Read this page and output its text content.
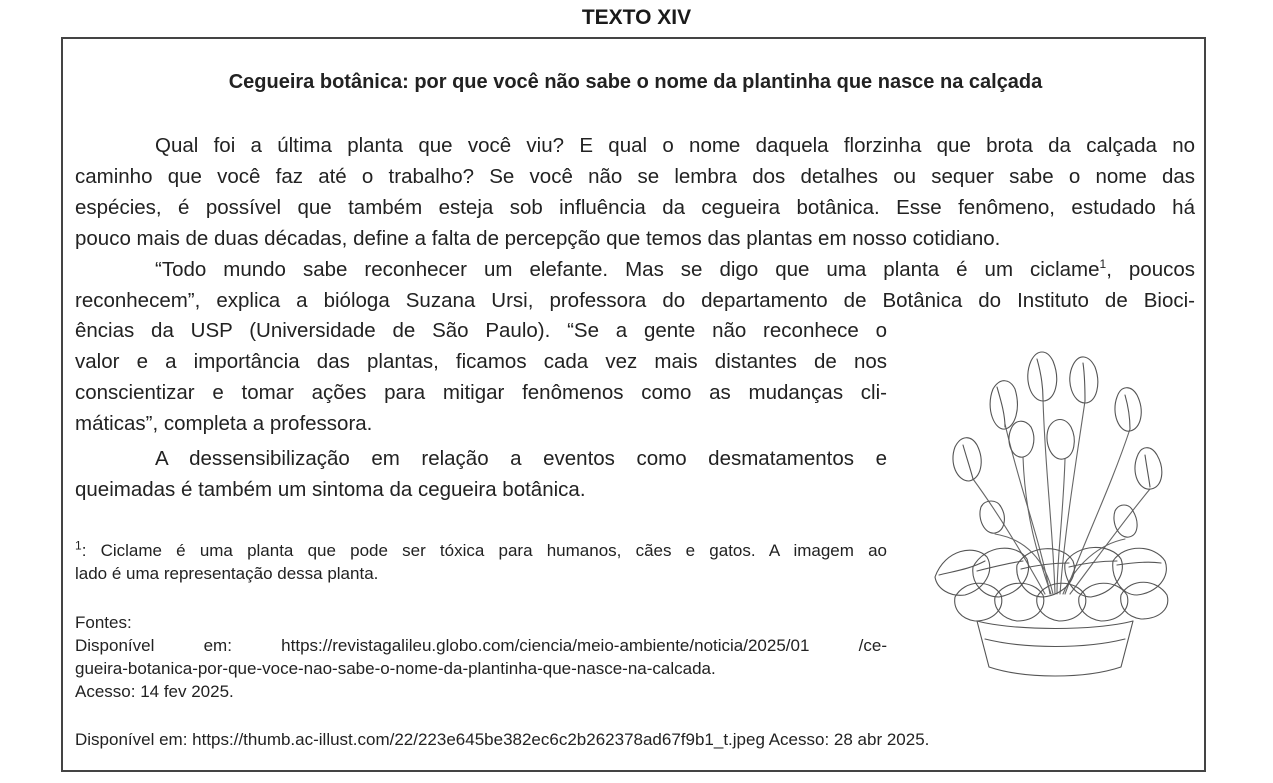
TEXTO XIV
Cegueira botânica: por que você não sabe o nome da plantinha que nasce na calçada

Qual foi a última planta que você viu? E qual o nome daquela florzinha que brota da calçada no
caminho que você faz até o trabalho? Se você não se lembra dos detalhes ou sequer sabe o nome das
espécies, é possível que também esteja sob influência da cegueira botânica. Esse fenômeno, estudado há
pouco mais de duas décadas, define a falta de percepção que temos das plantas em nosso cotidiano.

“Todo mundo sabe reconhecer um elefante. Mas se digo que uma planta é um ciclame$^1$, poucos
reconhecem”, explica a bióloga Suzana Ursi, professora do departamento de Botânica do Instituto de Bioci-

ências da USP (Universidade de São Paulo). “Se a gente não reconhece o
valor e a importância das plantas, ficamos cada vez mais distantes de nos
conscientizar e tomar ações para mitigar fenômenos como as mudanças cli-
máticas”, completa a professora.

A dessensibilização em relação a eventos como desmatamentos e
queimadas é também um sintoma da cegueira botânica.

$^1$: Ciclame é uma planta que pode ser tóxica para humanos, cães e gatos. A imagem ao
lado é uma representação dessa planta.

Fontes:
Disponível em: https://revistagalileu.globo.com/ciencia/meio-ambiente/noticia/2025/01 /ce-
gueira-botanica-por-que-voce-nao-sabe-o-nome-da-plantinha-que-nasce-na-calcada.
Acesso: 14 fev 2025.

Disponível em: https://thumb.ac-illust.com/22/223e645be382ec6c2b262378ad67f9b1_t.jpeg Acesso: 28 abr 2025.
